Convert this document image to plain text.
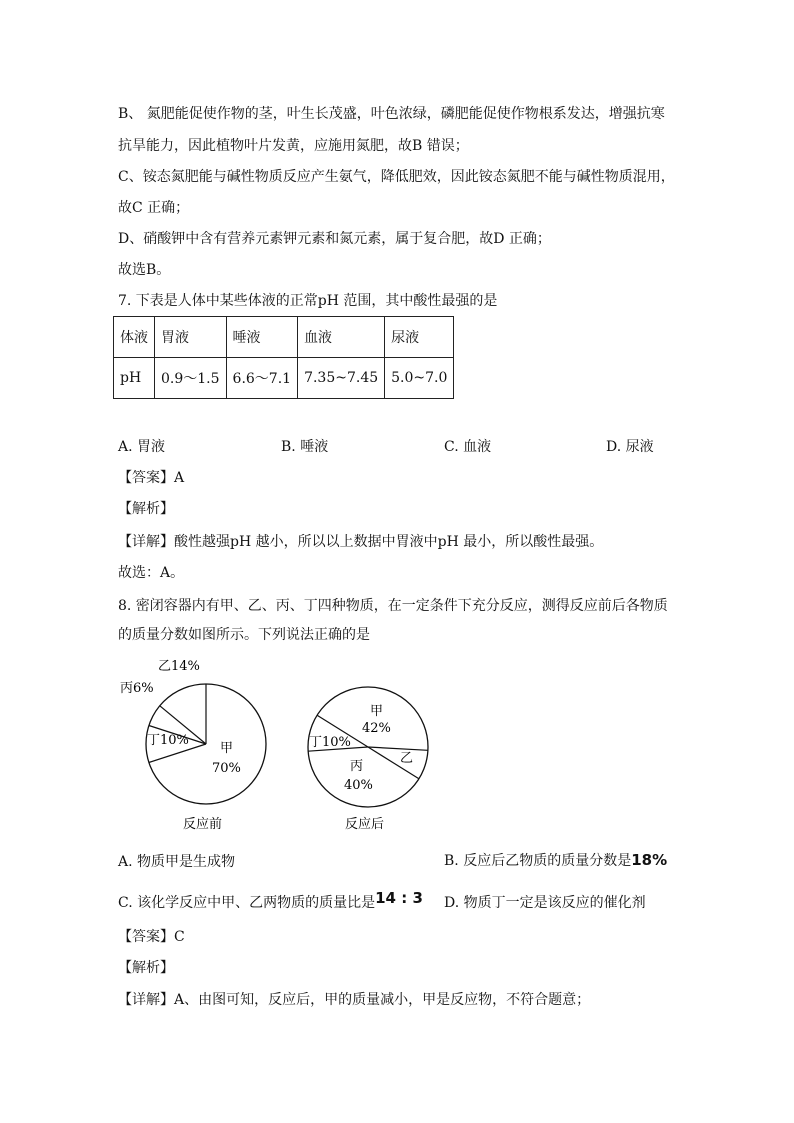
B、 氮肥能促使作物的茎，叶生长茂盛，叶色浓绿，磷肥能促使作物根系发达，增强抗寒
抗旱能力，因此植物叶片发黄，应施用氮肥，故B 错误；
C、铵态氮肥能与碱性物质反应产生氨气，降低肥效，因此铵态氮肥不能与碱性物质混用，
故C 正确；
D、硝酸钾中含有营养元素钾元素和氮元素，属于复合肥，故D 正确；
故选B。
7. 下表是人体中某些体液的正常pH 范围，其中酸性最强的是
体液	胃液	唾液	血液	尿液
pH	0.9～1.5	6.6～7.1	7.35~7.45	5.0~7.0
A. 胃液	B. 唾液	C. 血液	D. 尿液
【答案】A
【解析】
【详解】酸性越强pH 越小，所以以上数据中胃液中pH 最小，所以酸性最强。
故选：A。
8. 密闭容器内有甲、乙、丙、丁四种物质，在一定条件下充分反应，测得反应前后各物质
的质量分数如图所示。下列说法正确的是
乙14%
丙6%
丁10%
甲
70%
反应前
甲
42%
丁10%
乙
丙
40%
反应后
A. 物质甲是生成物	B. 反应后乙物质的质量分数是18%
C. 该化学反应中甲、乙两物质的质量比是14 : 3 D. 物质丁一定是该反应的催化剂
【答案】C
【解析】
【详解】A、由图可知，反应后，甲的质量减小，甲是反应物，不符合题意；
